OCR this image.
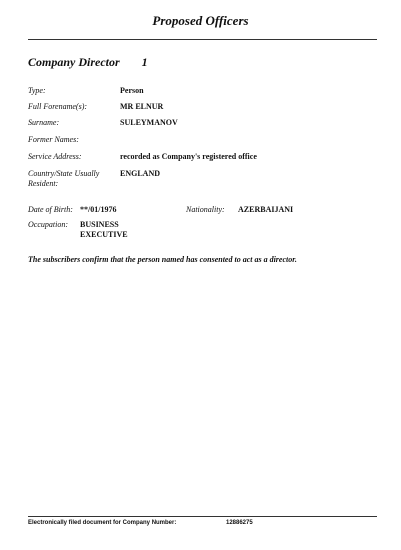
Proposed Officers
Company Director 1
Type:	Person
Full Forename(s):	MR ELNUR
Surname:	SULEYMANOV
Former Names:
Service Address:	recorded as Company's registered office
Country/State Usually Resident:
ENGLAND
Date of Birth: **/01/1976	Nationality:	AZERBAIJANI
Occupation:	BUSINESS EXECUTIVE
The subscribers confirm that the person named has consented to act as a director.
Electronically filed document for Company Number:	12886275
